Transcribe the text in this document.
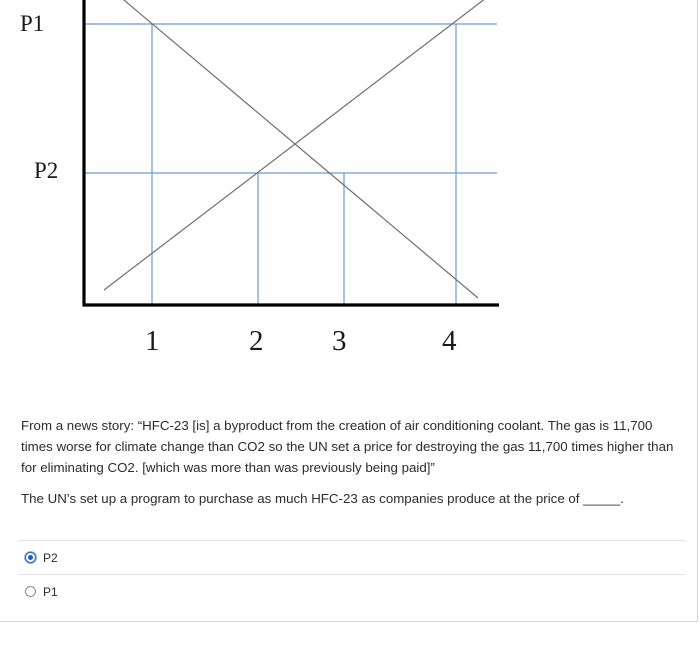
P1
P2
1	2 3	4

From a news story: “HFC-23 [is] a byproduct from the creation of air conditioning coolant. The gas is 11,700 times worse for climate change than CO2 so the UN set a price for destroying the gas 11,700 times higher than for eliminating CO2. [which was more than was previously being paid]”

The UN’s set up a program to purchase as much HFC-23 as companies produce at the price of _____.

P2
P1
